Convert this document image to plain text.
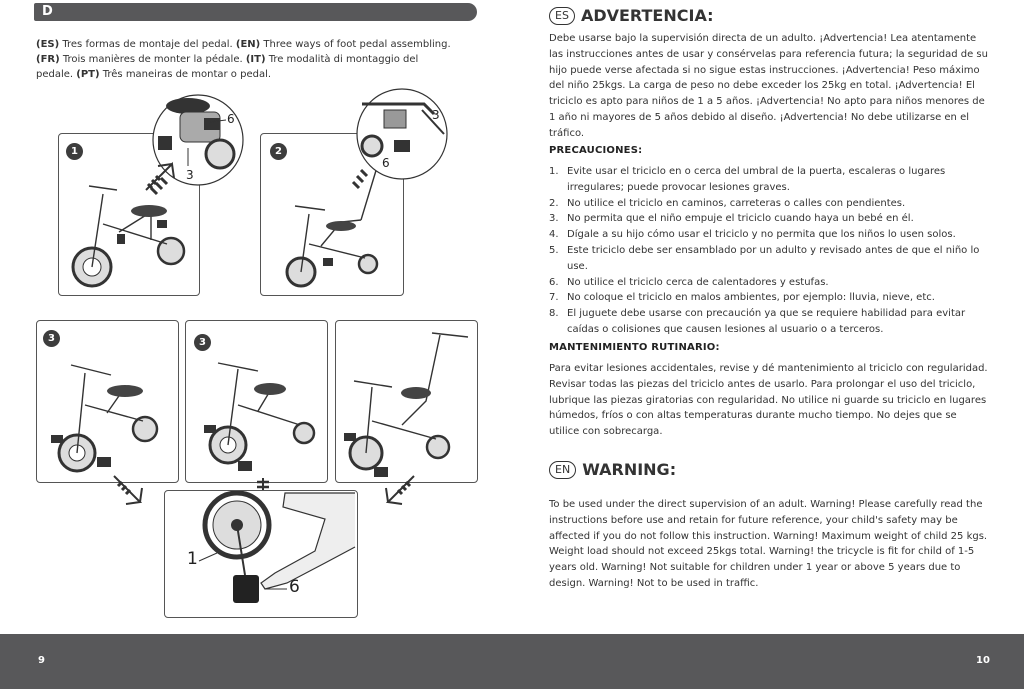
D
(ES) Tres formas de montaje del pedal. (EN) Three ways of foot pedal assembling. (FR) Trois manières de monter la pédale. (IT) Tre modalità di montaggio del pedale. (PT) Três maneiras de montar o pedal.
1
6
3
2
3
6
3	3
1
6
ES ADVERTENCIA:
Debe usarse bajo la supervisión directa de un adulto. ¡Advertencia! Lea atentamente las instrucciones antes de usar y consérvelas para referencia futura; la seguridad de su hijo puede verse afectada si no sigue estas instrucciones. ¡Advertencia! Peso máximo del niño 25kgs. La carga de peso no debe exceder los 25kg en total. ¡Advertencia! El triciclo es apto para niños de 1 a 5 años. ¡Advertencia! No apto para niños menores de 1 año ni mayores de 5 años debido al diseño. ¡Advertencia! No debe utilizarse en el tráfico.
PRECAUCIONES:
1. Evite usar el triciclo en o cerca del umbral de la puerta, escaleras o lugares irregulares; puede provocar lesiones graves.
2. No utilice el triciclo en caminos, carreteras o calles con pendientes.
3. No permita que el niño empuje el triciclo cuando haya un bebé en él.
4. Dígale a su hijo cómo usar el triciclo y no permita que los niños lo usen solos.
5. Este triciclo debe ser ensamblado por un adulto y revisado antes de que el niño lo use.
6. No utilice el triciclo cerca de calentadores y estufas.
7. No coloque el triciclo en malos ambientes, por ejemplo: lluvia, nieve, etc.
8. El juguete debe usarse con precaución ya que se requiere habilidad para evitar caídas o colisiones que causen lesiones al usuario o a terceros.
MANTENIMIENTO RUTINARIO:
Para evitar lesiones accidentales, revise y dé mantenimiento al triciclo con regularidad. Revisar todas las piezas del triciclo antes de usarlo. Para prolongar el uso del triciclo, lubrique las piezas giratorias con regularidad. No utilice ni guarde su triciclo en lugares húmedos, fríos o con altas temperaturas durante mucho tiempo. No dejes que se utilice con sobrecarga.
EN WARNING:
To be used under the direct supervision of an adult. Warning! Please carefully read the instructions before use and retain for future reference, your child's safety may be affected if you do not follow this instruction. Warning! Maximum weight of child 25 kgs. Weight load should not exceed 25kgs total. Warning! the tricycle is fit for child of 1-5 years old. Warning! Not suitable for children under 1 year or above 5 years due to design. Warning! Not to be used in traffic.
9	10
